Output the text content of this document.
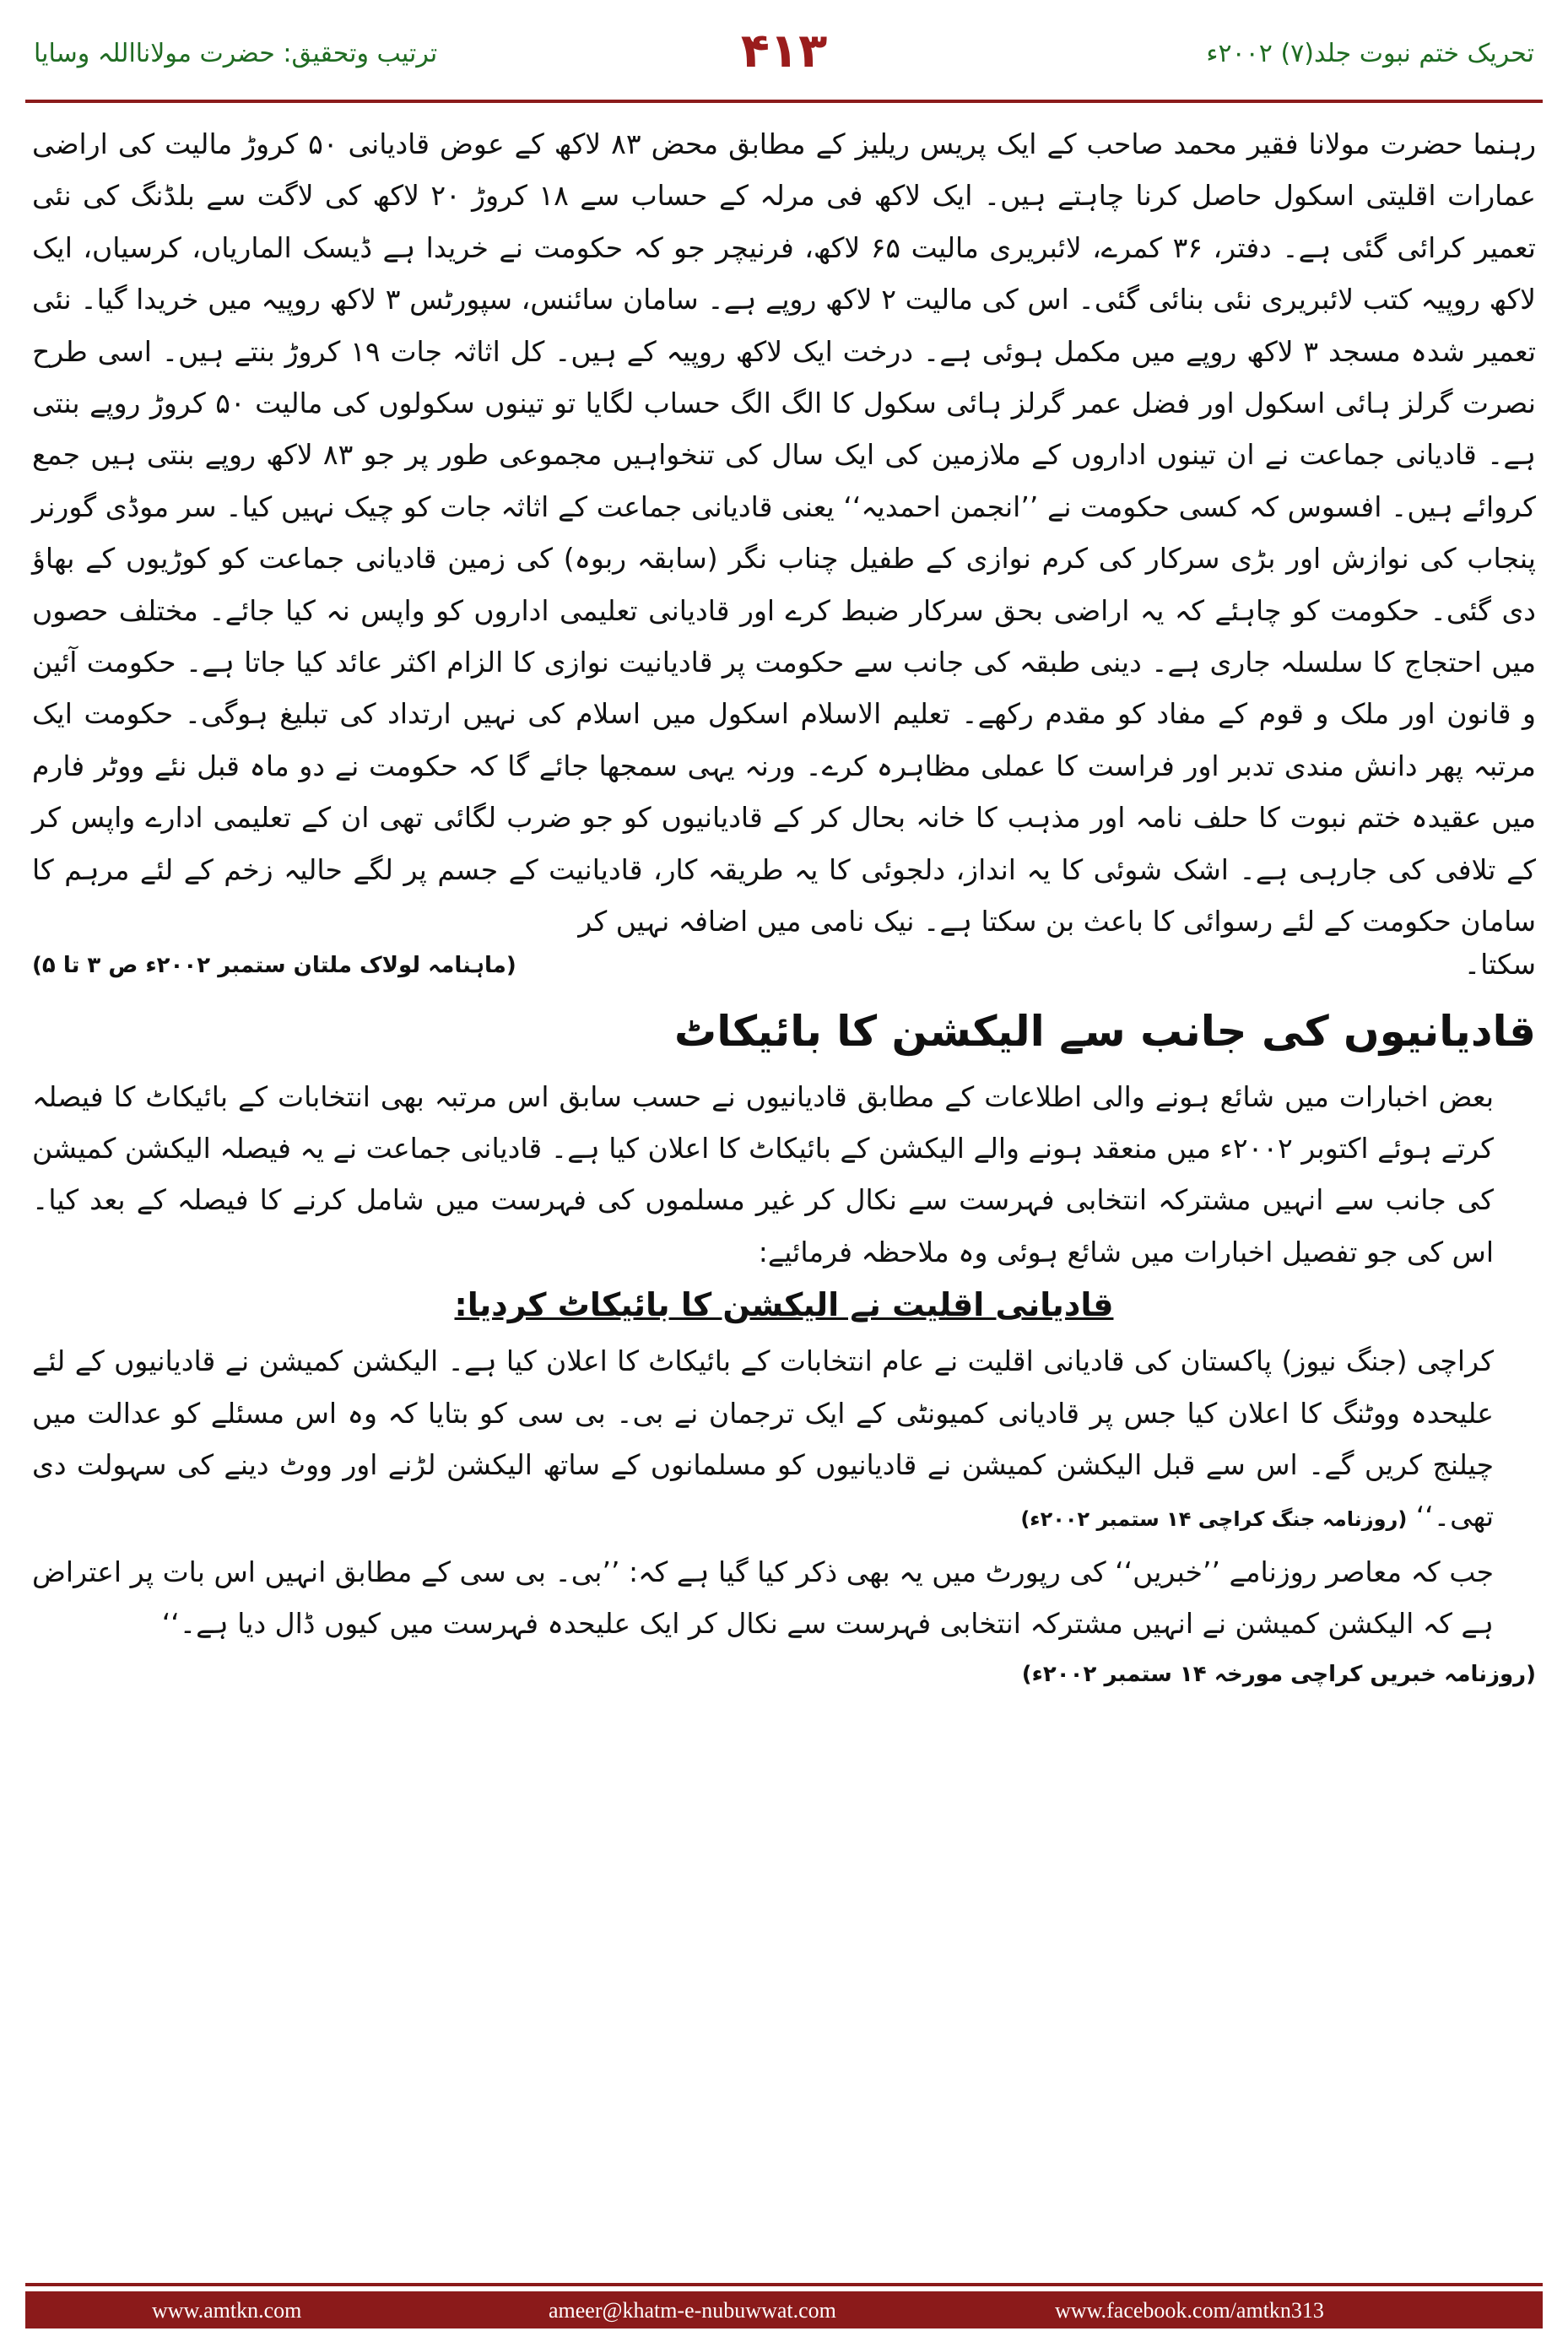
تحریک ختم نبوت جلد(۷) ۲۰۰۲ء
۴۱۳
ترتیب وتحقیق: حضرت مولانااللہ وسایا

رہنما حضرت مولانا فقیر محمد صاحب کے ایک پریس ریلیز کے مطابق محض ۸۳ لاکھ کے عوض قادیانی ۵۰ کروڑ مالیت کی اراضی عمارات اقلیتی اسکول حاصل کرنا چاہتے ہیں۔ ایک لاکھ فی مرلہ کے حساب سے ۱۸ کروڑ ۲۰ لاکھ کی لاگت سے بلڈنگ کی نئی تعمیر کرائی گئی ہے۔ دفتر، ۳۶ کمرے، لائبریری مالیت ۶۵ لاکھ، فرنیچر جو کہ حکومت نے خریدا ہے ڈیسک الماریاں، کرسیاں، ایک لاکھ روپیہ کتب لائبریری نئی بنائی گئی۔ اس کی مالیت ۲ لاکھ روپے ہے۔ سامان سائنس، سپورٹس ۳ لاکھ روپیہ میں خریدا گیا۔ نئی تعمیر شدہ مسجد ۳ لاکھ روپے میں مکمل ہوئی ہے۔ درخت ایک لاکھ روپیہ کے ہیں۔ کل اثاثہ جات ۱۹ کروڑ بنتے ہیں۔ اسی طرح نصرت گرلز ہائی اسکول اور فضل عمر گرلز ہائی سکول کا الگ الگ حساب لگایا تو تینوں سکولوں کی مالیت ۵۰ کروڑ روپے بنتی ہے۔ قادیانی جماعت نے ان تینوں اداروں کے ملازمین کی ایک سال کی تنخواہیں مجموعی طور پر جو ۸۳ لاکھ روپے بنتی ہیں جمع کروائے ہیں۔ افسوس کہ کسی حکومت نے ’’انجمن احمدیہ‘‘ یعنی قادیانی جماعت کے اثاثہ جات کو چیک نہیں کیا۔ سر موڈی گورنر پنجاب کی نوازش اور بڑی سرکار کی کرم نوازی کے طفیل چناب نگر (سابقہ ربوہ) کی زمین قادیانی جماعت کو کوڑیوں کے بھاؤ دی گئی۔ حکومت کو چاہئے کہ یہ اراضی بحق سرکار ضبط کرے اور قادیانی تعلیمی اداروں کو واپس نہ کیا جائے۔ مختلف حصوں میں احتجاج کا سلسلہ جاری ہے۔ دینی طبقہ کی جانب سے حکومت پر قادیانیت نوازی کا الزام اکثر عائد کیا جاتا ہے۔ حکومت آئین و قانون اور ملک و قوم کے مفاد کو مقدم رکھے۔ تعلیم الاسلام اسکول میں اسلام کی نہیں ارتداد کی تبلیغ ہوگی۔ حکومت ایک مرتبہ پھر دانش مندی تدبر اور فراست کا عملی مظاہرہ کرے۔ ورنہ یہی سمجھا جائے گا کہ حکومت نے دو ماہ قبل نئے ووٹر فارم میں عقیدہ ختم نبوت کا حلف نامہ اور مذہب کا خانہ بحال کر کے قادیانیوں کو جو ضرب لگائی تھی ان کے تعلیمی ادارے واپس کر کے تلافی کی جارہی ہے۔ اشک شوئی کا یہ انداز، دلجوئی کا یہ طریقہ کار، قادیانیت کے جسم پر لگے حالیہ زخم کے لئے مرہم کا سامان حکومت کے لئے رسوائی کا باعث بن سکتا ہے۔ نیک نامی میں اضافہ نہیں کر

سکتا۔
(ماہنامہ لولاک ملتان ستمبر ۲۰۰۲ء ص ۳ تا ۵)
قادیانیوں کی جانب سے الیکشن کا بائیکاٹ

بعض اخبارات میں شائع ہونے والی اطلاعات کے مطابق قادیانیوں نے حسب سابق اس مرتبہ بھی انتخابات کے بائیکاٹ کا فیصلہ کرتے ہوئے اکتوبر ۲۰۰۲ء میں منعقد ہونے والے الیکشن کے بائیکاٹ کا اعلان کیا ہے۔ قادیانی جماعت نے یہ فیصلہ الیکشن کمیشن کی جانب سے انہیں مشترکہ انتخابی فہرست سے نکال کر غیر مسلموں کی فہرست میں شامل کرنے کا فیصلہ کے بعد کیا۔ اس کی جو تفصیل اخبارات میں شائع ہوئی وہ ملاحظہ فرمائیے:

قادیانی اقلیت نے الیکشن کا بائیکاٹ کردیا:

کراچی (جنگ نیوز) پاکستان کی قادیانی اقلیت نے عام انتخابات کے بائیکاٹ کا اعلان کیا ہے۔ الیکشن کمیشن نے قادیانیوں کے لئے علیحدہ ووٹنگ کا اعلان کیا جس پر قادیانی کمیونٹی کے ایک ترجمان نے بی۔ بی سی کو بتایا کہ وہ اس مسئلے کو عدالت میں چیلنج کریں گے۔ اس سے قبل الیکشن کمیشن نے قادیانیوں کو مسلمانوں کے ساتھ الیکشن لڑنے اور ووٹ دینے کی سہولت دی تھی۔‘‘ (روزنامہ جنگ کراچی ۱۴ ستمبر ۲۰۰۲ء)

جب کہ معاصر روزنامے ’’خبریں‘‘ کی رپورٹ میں یہ بھی ذکر کیا گیا ہے کہ: ’’بی۔ بی سی کے مطابق انہیں اس بات پر اعتراض ہے کہ الیکشن کمیشن نے انہیں مشترکہ انتخابی فہرست سے نکال کر ایک علیحدہ فہرست میں کیوں ڈال دیا ہے۔‘‘

(روزنامہ خبریں کراچی مورخہ ۱۴ ستمبر ۲۰۰۲ء)
www.amtkn.com	ameer@khatm-e-nubuwwat.com	www.facebook.com/amtkn313
